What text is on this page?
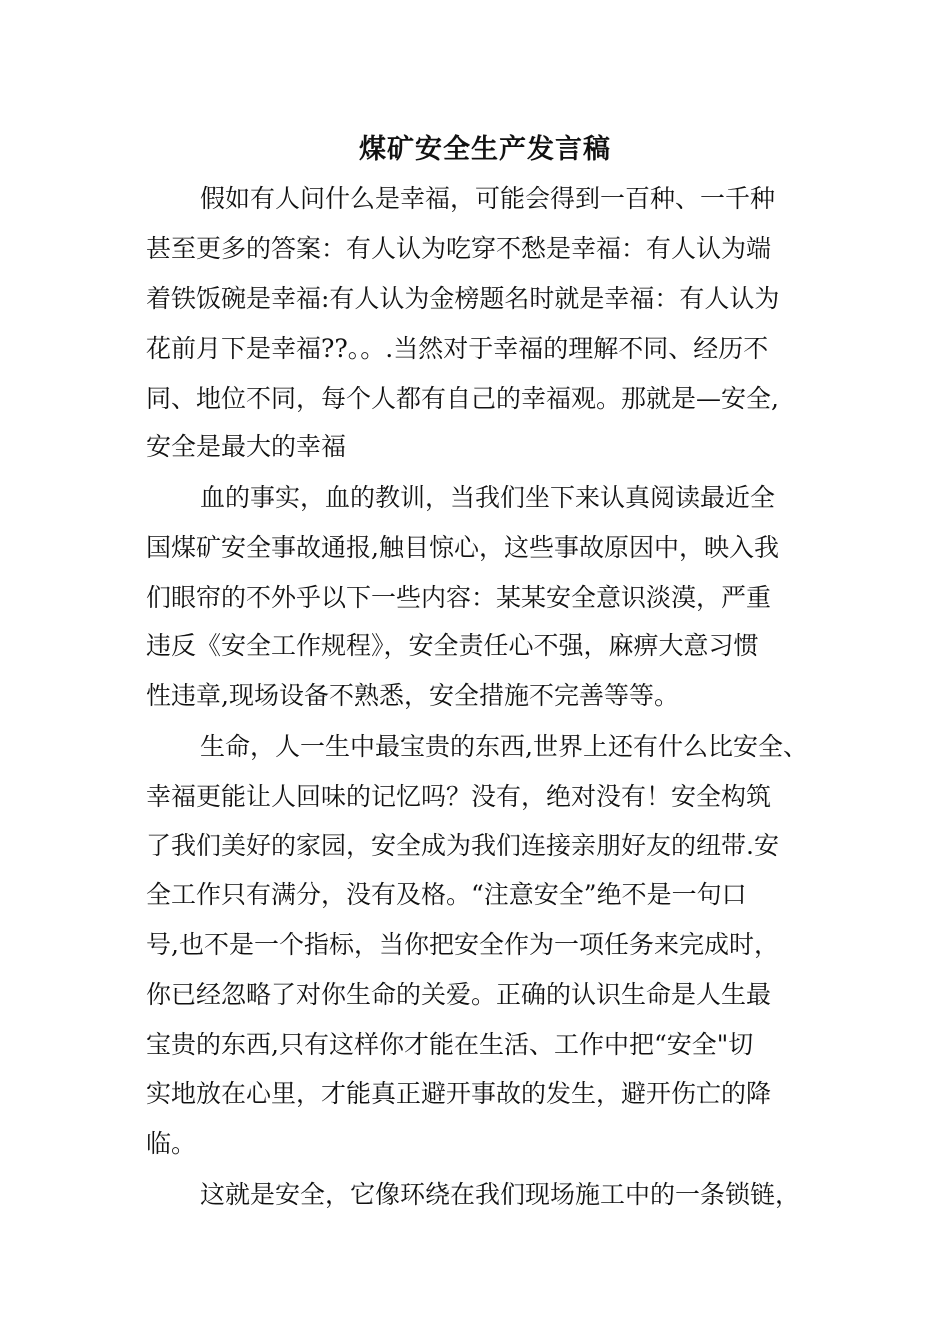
煤矿安全生产发言稿
假如有人问什么是幸福，可能会得到一百种、一千种
甚至更多的答案：有人认为吃穿不愁是幸福：有人认为端
着铁饭碗是幸福:有人认为金榜题名时就是幸福：有人认为
花前月下是幸福??。。.当然对于幸福的理解不同、经历不
同、地位不同，每个人都有自己的幸福观。那就是—安全,
安全是最大的幸福
血的事实，血的教训，当我们坐下来认真阅读最近全
国煤矿安全事故通报,触目惊心，这些事故原因中，映入我
们眼帘的不外乎以下一些内容：某某安全意识淡漠，严重
违反《安全工作规程》，安全责任心不强，麻痹大意习惯
性违章,现场设备不熟悉，安全措施不完善等等。
生命，人一生中最宝贵的东西,世界上还有什么比安全、
幸福更能让人回味的记忆吗？没有，绝对没有！安全构筑
了我们美好的家园，安全成为我们连接亲朋好友的纽带.安
全工作只有满分，没有及格。“注意安全”绝不是一句口
号,也不是一个指标，当你把安全作为一项任务来完成时，
你已经忽略了对你生命的关爱。正确的认识生命是人生最
宝贵的东西,只有这样你才能在生活、工作中把“安全"切
实地放在心里，才能真正避开事故的发生，避开伤亡的降
临。
这就是安全，它像环绕在我们现场施工中的一条锁链，
